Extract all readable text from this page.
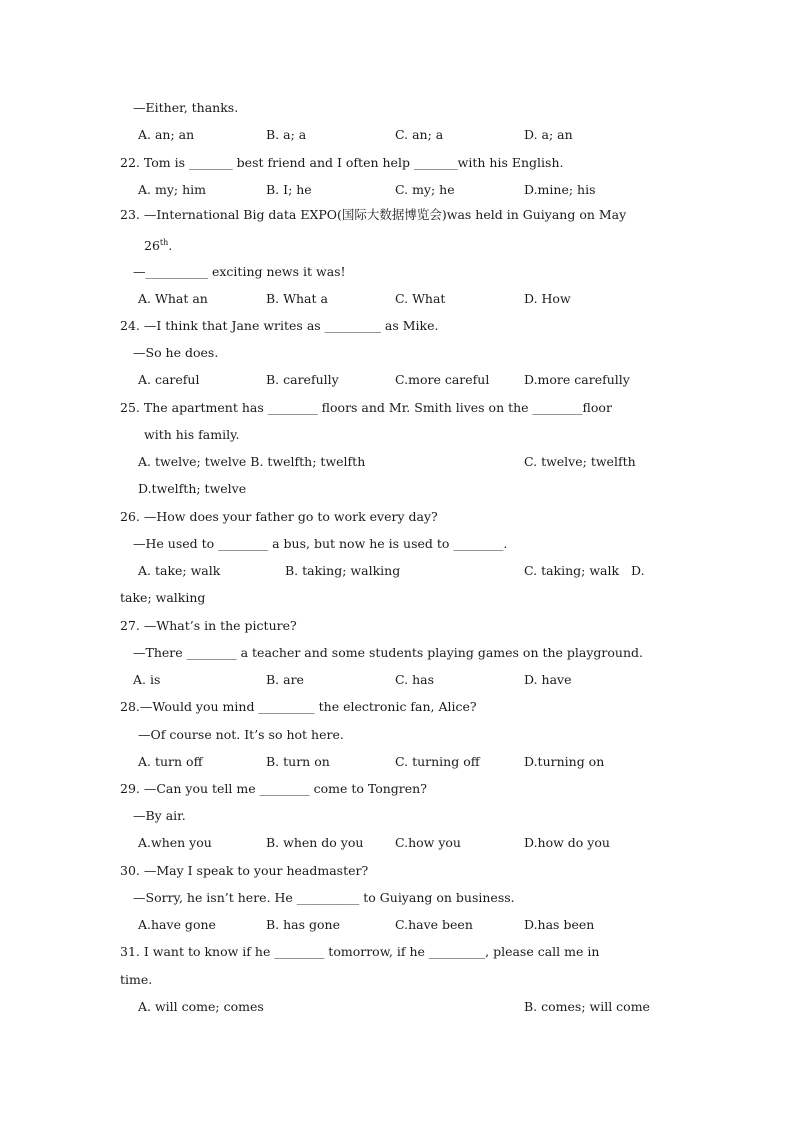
—Either, thanks.
A. an; an	B. a; a	C. an; a	D. a; an
22. Tom is _______ best friend and I often help _______with his English.
A. my; him	B. I; he	C. my; he	D.mine; his
23. —International Big data EXPO(国际大数据博览会)was held in Guiyang on May
26th.
—__________ exciting news it was!
A. What an	B. What a	C. What	D. How
24. —I think that Jane writes as _________ as Mike.
—So he does.
A. careful	B. carefully	C.more careful	D.more carefully
25. The apartment has ________ floors and Mr. Smith lives on the ________floor
with his family.
A. twelve; twelve B. twelfth; twelfth	C. twelve; twelfth
D.twelfth; twelve
26. —How does your father go to work every day?
—He used to ________ a bus, but now he is used to ________.
A. take; walk	B. taking; walking	C. taking; walk   D.
take; walking
27. —What’s in the picture?
—There ________ a teacher and some students playing games on the playground.
A. is	B. are	C. has	D. have
28.—Would you mind _________ the electronic fan, Alice?
—Of course not. It’s so hot here.
A. turn off	B. turn on	C. turning off	D.turning on
29. —Can you tell me ________ come to Tongren?
—By air.
A.when you	B. when do you	C.how you	D.how do you
30. —May I speak to your headmaster?
—Sorry, he isn’t here. He __________ to Guiyang on business.
A.have gone	B. has gone	C.have been	D.has been
31. I want to know if he ________ tomorrow, if he _________, please call me in
time.
A. will come; comes	B. comes; will come
